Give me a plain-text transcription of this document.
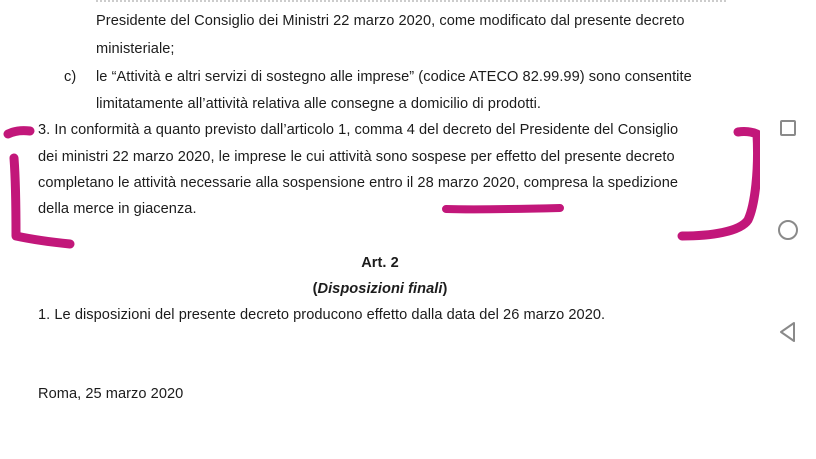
Presidente del Consiglio dei Ministri 22 marzo 2020, come modificato dal presente decreto
ministeriale;
c) le “Attività e altri servizi di sostegno alle imprese” (codice ATECO 82.99.99) sono consentite
limitatamente all’attività relativa alle consegne a domicilio di prodotti.
3. In conformità a quanto previsto dall’articolo 1, comma 4 del decreto del Presidente del Consiglio
dei ministri 22 marzo 2020, le imprese le cui attività sono sospese per effetto del presente decreto
completano le attività necessarie alla sospensione entro il 28 marzo 2020, compresa la spedizione
della merce in giacenza.
Art. 2
(Disposizioni finali)
1. Le disposizioni del presente decreto producono effetto dalla data del 26 marzo 2020.
Roma, 25 marzo 2020
